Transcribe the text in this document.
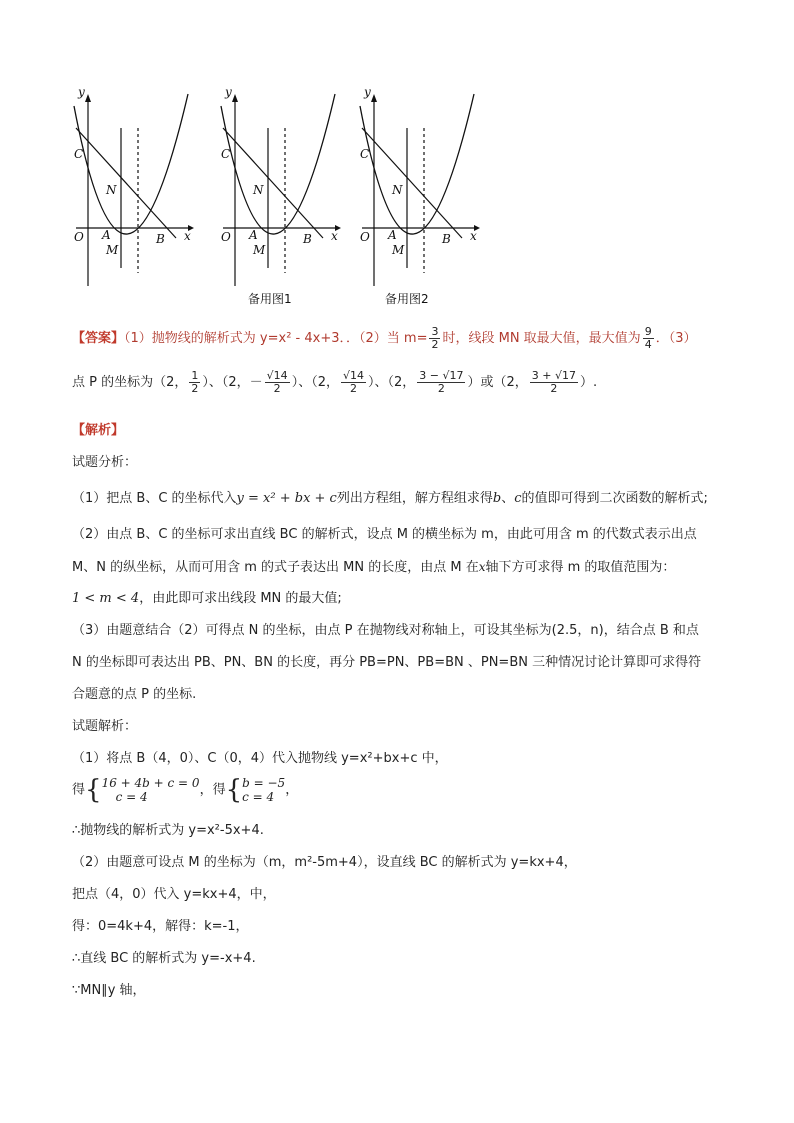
y
x
O
C
N
A
M
B
y
x
O
C
N
A
M
B
y
x
O
C
N
A
M
B
备用图1	备用图2
【答案】（1）抛物线的解析式为 y=x² - 4x+3．．（2）当 $m= \frac{3}{2}$ 时，线段 MN 取最大值，最大值为 $\frac{9}{4}$ ．（3）
点 P 的坐标为（2， $\frac{1}{2}$ ）、（2，－ $\frac{√14}{2}$ ）、（2， $\frac{√14}{2}$ ）、（2， $\frac{3 - √17}{2}$ ）或（2， $\frac{3 + √17}{2}$ ）.
【解析】
试题分析：
（1）把点 B、C 的坐标代入y = x² + bx + c列出方程组，解方程组求得b、c的值即可得到二次函数的解析式;
（2）由点 B、C 的坐标可求出直线 BC 的解析式，设点 M 的横坐标为 m，由此可用含 m 的代数式表示出点
M、N 的纵坐标，从而可用含 m 的式子表达出 MN 的长度，由点 M 在x轴下方可求得 m 的取值范围为：
1 < m < 4，由此即可求出线段 MN 的最大值;
（3）由题意结合（2）可得点 N 的坐标，由点 P 在抛物线对称轴上，可设其坐标为(2.5，n)，结合点 B 和点
N 的坐标即可表达出 PB、PN、BN 的长度，再分 PB=PN、PB=BN 、PN=BN 三种情况讨论计算即可求得符
合题意的点 P 的坐标.
试题解析：
（1）将点 B（4，0）、C（0，4）代入抛物线 y=x²+bx+c 中，
得{ 16 + 4b + c = 0
c = 4	，得{ b = −5
c = 4 ，
∴抛物线的解析式为 y=x²-5x+4.
（2）由题意可设点 M 的坐标为（m，m²-5m+4），设直线 BC 的解析式为 y=kx+4，
把点（4，0）代入 y=kx+4，中，
得：0=4k+4，解得：k=-1，
∴直线 BC 的解析式为 y=-x+4.
∵MN∥y 轴，
